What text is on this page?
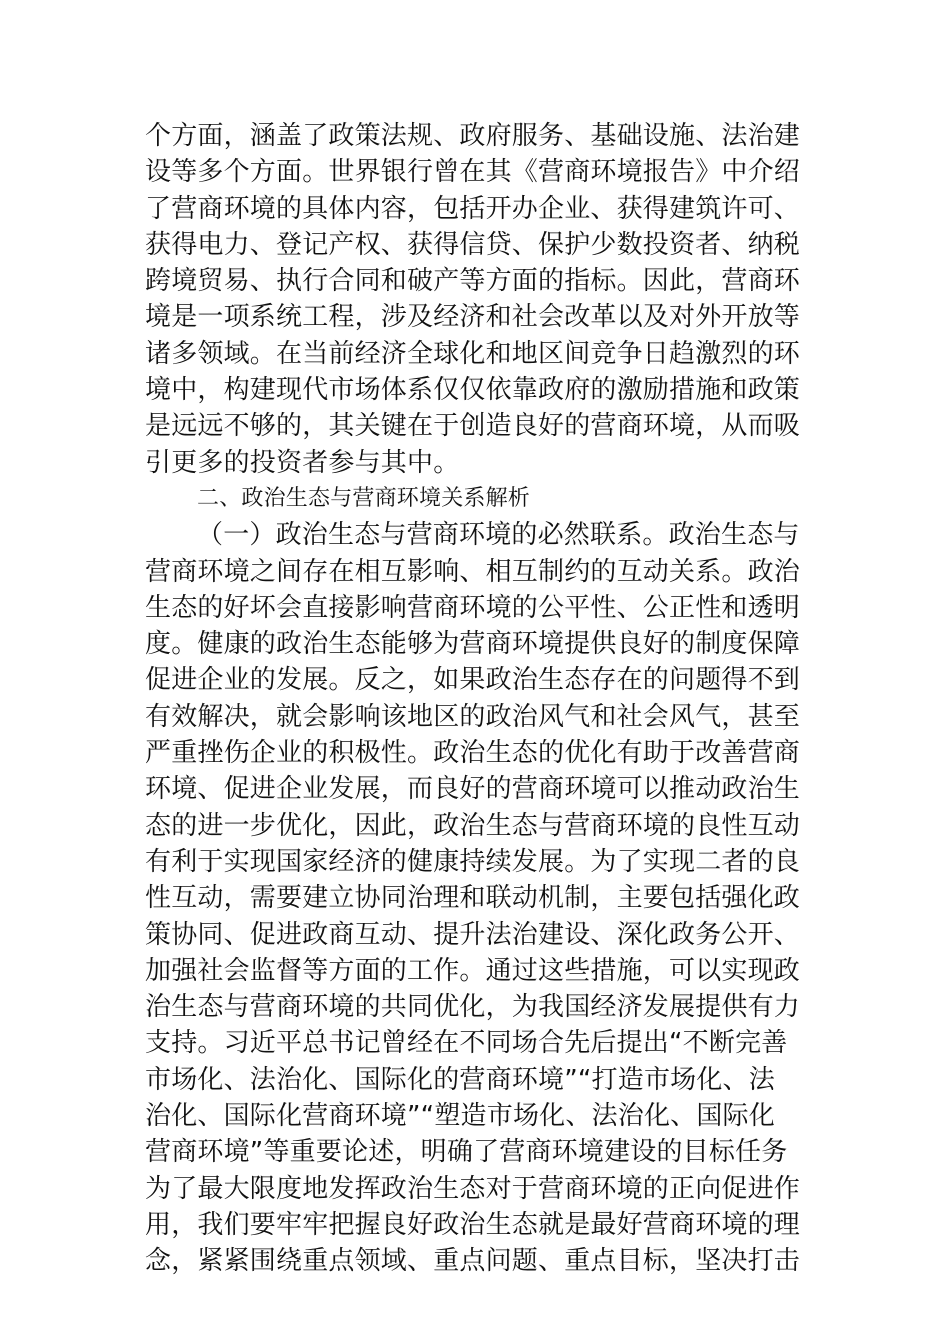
个方面，涵盖了政策法规、政府服务、基础设施、法治建
设等多个方面。世界银行曾在其《营商环境报告》中介绍
了营商环境的具体内容，包括开办企业、获得建筑许可、
获得电力、登记产权、获得信贷、保护少数投资者、纳税
跨境贸易、执行合同和破产等方面的指标。因此，营商环
境是一项系统工程，涉及经济和社会改革以及对外开放等
诸多领域。在当前经济全球化和地区间竞争日趋激烈的环
境中，构建现代市场体系仅仅依靠政府的激励措施和政策
是远远不够的，其关键在于创造良好的营商环境，从而吸
引更多的投资者参与其中。
二、政治生态与营商环境关系解析
（一）政治生态与营商环境的必然联系。政治生态与
营商环境之间存在相互影响、相互制约的互动关系。政治
生态的好坏会直接影响营商环境的公平性、公正性和透明
度。健康的政治生态能够为营商环境提供良好的制度保障
促进企业的发展。反之，如果政治生态存在的问题得不到
有效解决，就会影响该地区的政治风气和社会风气，甚至
严重挫伤企业的积极性。政治生态的优化有助于改善营商
环境、促进企业发展，而良好的营商环境可以推动政治生
态的进一步优化，因此，政治生态与营商环境的良性互动
有利于实现国家经济的健康持续发展。为了实现二者的良
性互动，需要建立协同治理和联动机制，主要包括强化政
策协同、促进政商互动、提升法治建设、深化政务公开、
加强社会监督等方面的工作。通过这些措施，可以实现政
治生态与营商环境的共同优化，为我国经济发展提供有力
支持。习近平总书记曾经在不同场合先后提出“不断完善
市场化、法治化、国际化的营商环境”“打造市场化、法
治化、国际化营商环境”“塑造市场化、法治化、国际化
营商环境”等重要论述，明确了营商环境建设的目标任务
为了最大限度地发挥政治生态对于营商环境的正向促进作
用，我们要牢牢把握良好政治生态就是最好营商环境的理
念，紧紧围绕重点领域、重点问题、重点目标，坚决打击
